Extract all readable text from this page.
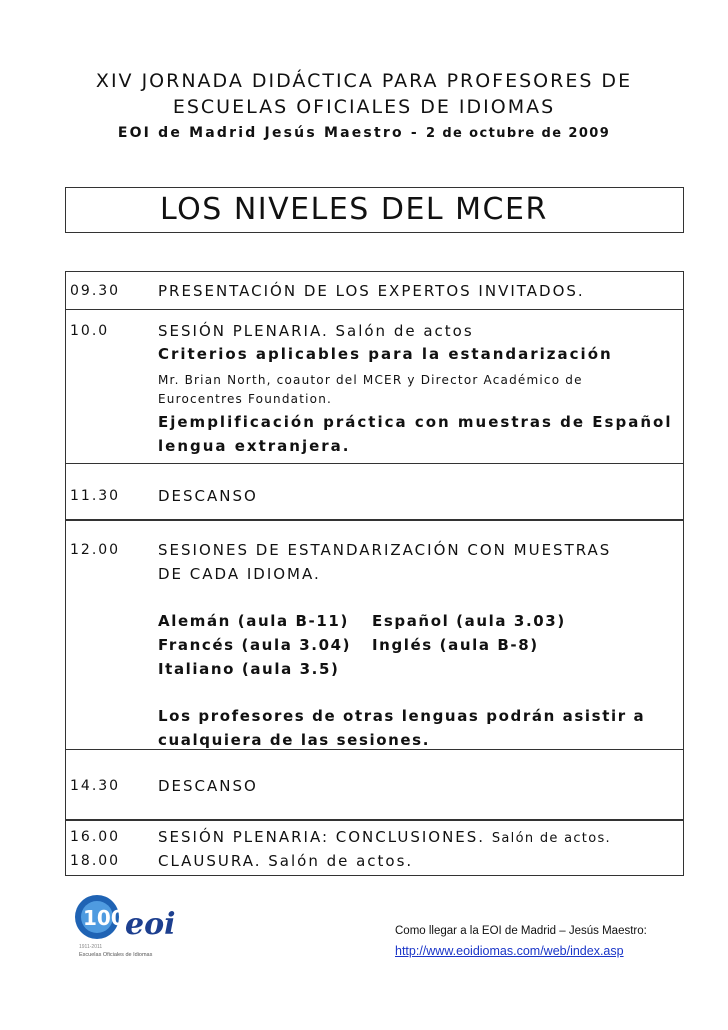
XIV JORNADA DIDÁCTICA PARA PROFESORES DE
ESCUELAS OFICIALES DE IDIOMAS
EOI de Madrid Jesús Maestro - 2 de octubre de 2009
LOS NIVELES DEL MCER
09.30	PRESENTACIÓN DE LOS EXPERTOS INVITADOS.
10.0	SESIÓN PLENARIA. Salón de actos
Criterios aplicables para la estandarización
Mr. Brian North, coautor del MCER y Director Académico de
Eurocentres Foundation.
Ejemplificación práctica con muestras de Español
lengua extranjera.
11.30	DESCANSO
12.00	SESIONES DE ESTANDARIZACIÓN CON MUESTRAS
DE CADA IDIOMA.
Alemán (aula B-11) Español (aula 3.03)
Francés (aula 3.04) Inglés (aula B-8)
Italiano (aula 3.5)
Los profesores de otras lenguas podrán asistir a
cualquiera de las sesiones.
14.30	DESCANSO
16.00	SESIÓN PLENARIA: CONCLUSIONES. Salón de actos.
18.00	CLAUSURA. Salón de actos.
100 eoi
1911-2011
Escuelas Oficiales de Idiomas
Como llegar a la EOI de Madrid – Jesús Maestro:
http://www.eoidiomas.com/web/index.asp
